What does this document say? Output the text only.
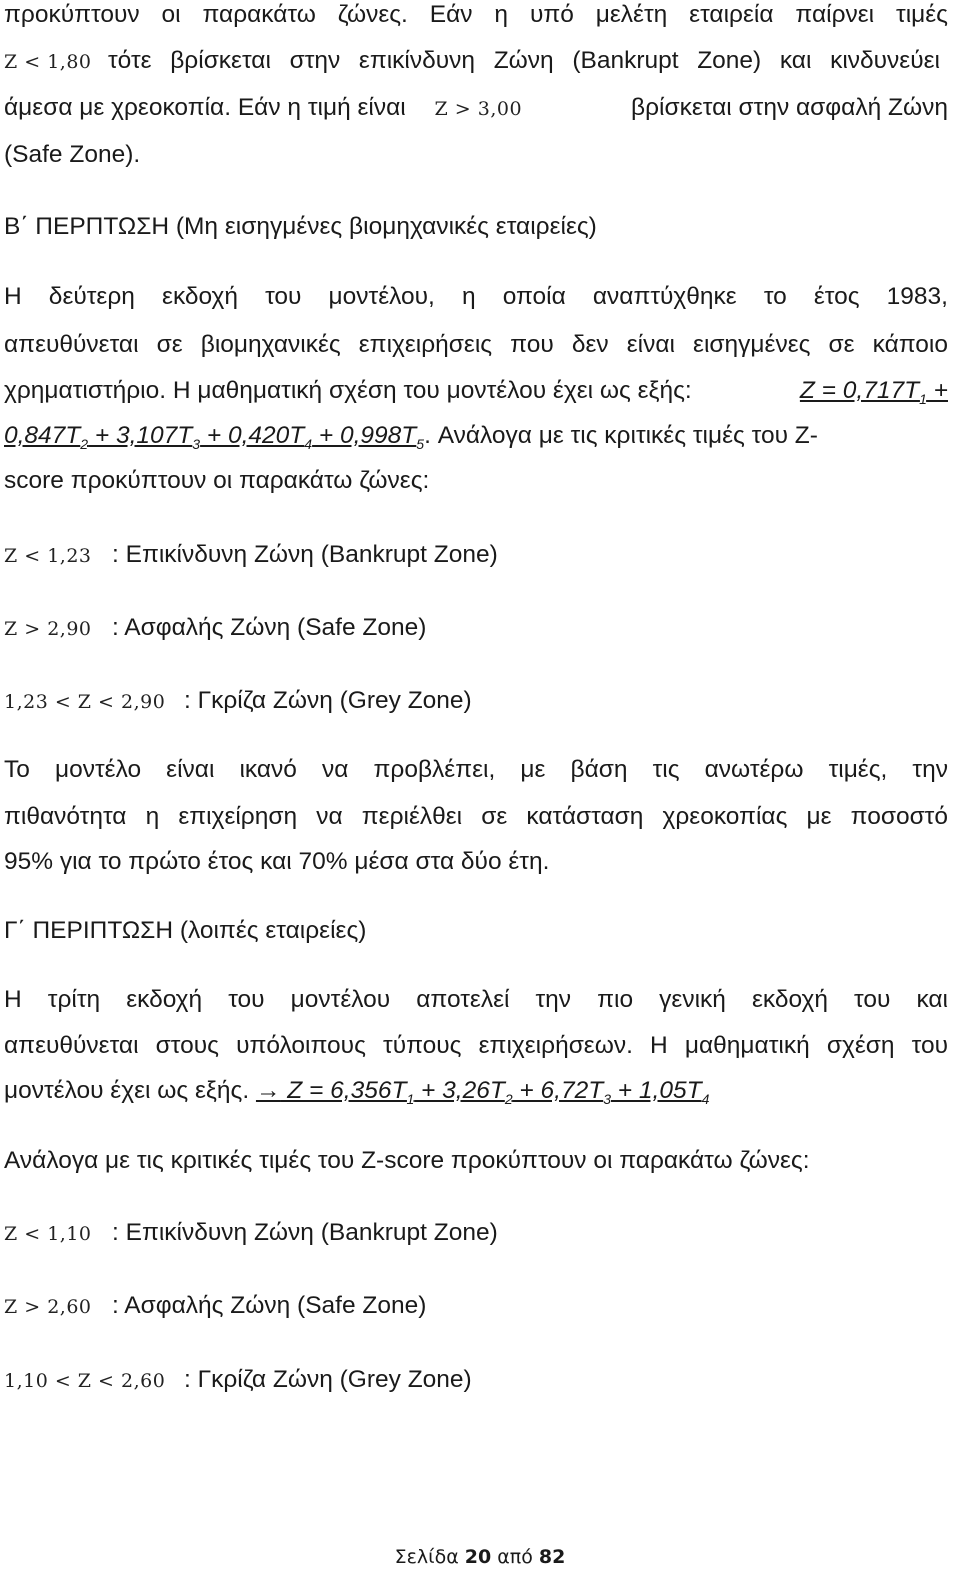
προκύπτουν οι παρακάτω ζώνες. Εάν η υπό μελέτη εταιρεία παίρνει τιμές
Z < 1,80 τότε βρίσκεται στην επικίνδυνη Ζώνη (Bankrupt Zone) και κινδυνεύει
άμεσα με χρεοκοπία. Εάν η τιμή είναι Z > 3,00	βρίσκεται στην ασφαλή Ζώνη
(Safe Zone).
Β΄ ΠΕΡΠΤΩΣΗ (Μη εισηγμένες βιομηχανικές εταιρείες)
Η δεύτερη εκδοχή του μοντέλου, η οποία αναπτύχθηκε το έτος 1983,
απευθύνεται σε βιομηχανικές επιχειρήσεις που δεν είναι εισηγμένες σε κάποιο
χρηματιστήριο. Η μαθηματική σχέση του μοντέλου έχει ως εξής:	$Z = 0,717T_1$ +
$0,847T_2 + 3,107T_3 + 0,420T_4 + 0,998T_5$. Ανάλογα με τις κριτικές τιμές του Z-
score προκύπτουν οι παρακάτω ζώνες:
Z < 1,23 : Επικίνδυνη Ζώνη (Bankrupt Zone)
Z > 2,90 : Ασφαλής Ζώνη (Safe Zone)
1,23 < Z < 2,90 : Γκρίζα Ζώνη (Grey Zone)
Το μοντέλο είναι ικανό να προβλέπει, με βάση τις ανωτέρω τιμές, την
πιθανότητα η επιχείρηση να περιέλθει σε κατάσταση χρεοκοπίας με ποσοστό
95% για το πρώτο έτος και 70% μέσα στα δύο έτη.
Γ΄ ΠΕΡΙΠΤΩΣΗ (λοιπές εταιρείες)
Η τρίτη εκδοχή του μοντέλου αποτελεί την πιο γενική εκδοχή του και
απευθύνεται στους υπόλοιπους τύπους επιχειρήσεων. Η μαθηματική σχέση του
μοντέλου έχει ως εξής. → $Z = 6,356T_1 + 3,26T_2 + 6,72T_3 + 1,05T_4$
Ανάλογα με τις κριτικές τιμές του Z-score προκύπτουν οι παρακάτω ζώνες:
Z < 1,10 : Επικίνδυνη Ζώνη (Bankrupt Zone)
Z > 2,60 : Ασφαλής Ζώνη (Safe Zone)
1,10 < Z < 2,60 : Γκρίζα Ζώνη (Grey Zone)
Σελίδα 20 από 82
